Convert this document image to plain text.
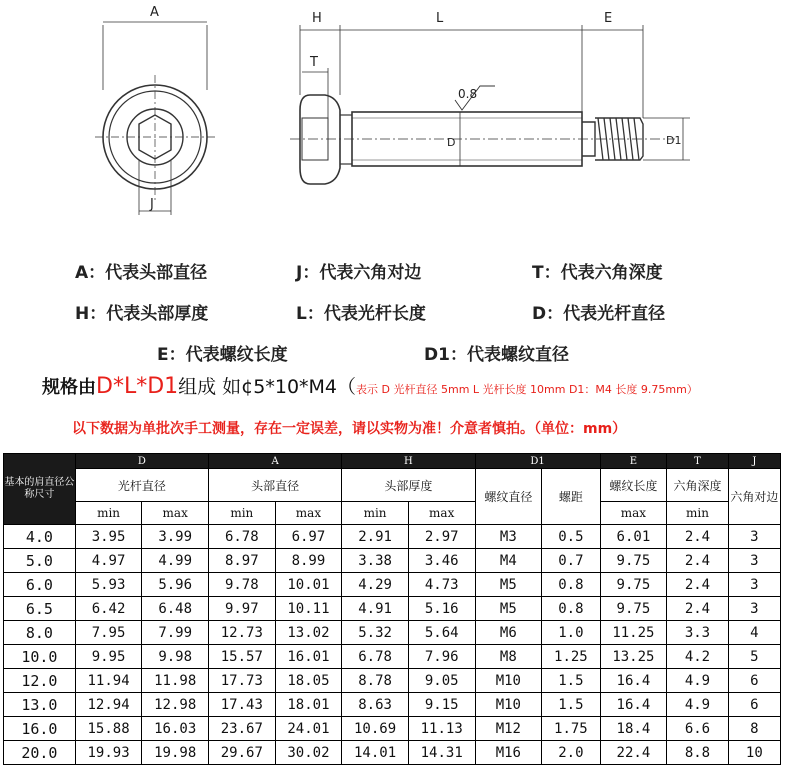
A
J
H	L	E
T
D	D1
0.8
A：代表头部直径	J：代表六角对边	T：代表六角深度
H：代表头部厚度	L：代表光杆长度	D：代表光杆直径
E：代表螺纹长度	D1：代表螺纹直径
规格由D*L*D1组成 如¢5*10*M4（表示 D 光杆直径 5mm L 光杆长度 10mm D1：M4 长度 9.75mm）
以下数据为单批次手工测量，存在一定误差，请以实物为准！介意者慎拍。（单位：mm）
基本的肩直径公称尺寸	D		A		H		D1		E	T	J
	光杆直径		头部直径		头部厚度		螺纹直径	螺距	螺纹长度	六角深度	六角对边
	min	max	min	max	min	max			max	min	
4.0	3.95	3.99	6.78	6.97	2.91	2.97	M3	0.5	6.01	2.4	3
5.0	4.97	4.99	8.97	8.99	3.38	3.46	M4	0.7	9.75	2.4	3
6.0	5.93	5.96	9.78	10.01	4.29	4.73	M5	0.8	9.75	2.4	3
6.5	6.42	6.48	9.97	10.11	4.91	5.16	M5	0.8	9.75	2.4	3
8.0	7.95	7.99	12.73	13.02	5.32	5.64	M6	1.0	11.25	3.3	4
10.0	9.95	9.98	15.57	16.01	6.78	7.96	M8	1.25	13.25	4.2	5
12.0	11.94	11.98	17.73	18.05	8.78	9.05	M10	1.5	16.4	4.9	6
13.0	12.94	12.98	17.43	18.01	8.63	9.15	M10	1.5	16.4	4.9	6
16.0	15.88	16.03	23.67	24.01	10.69	11.13	M12	1.75	18.4	6.6	8
20.0	19.93	19.98	29.67	30.02	14.01	14.31	M16	2.0	22.4	8.8	10
